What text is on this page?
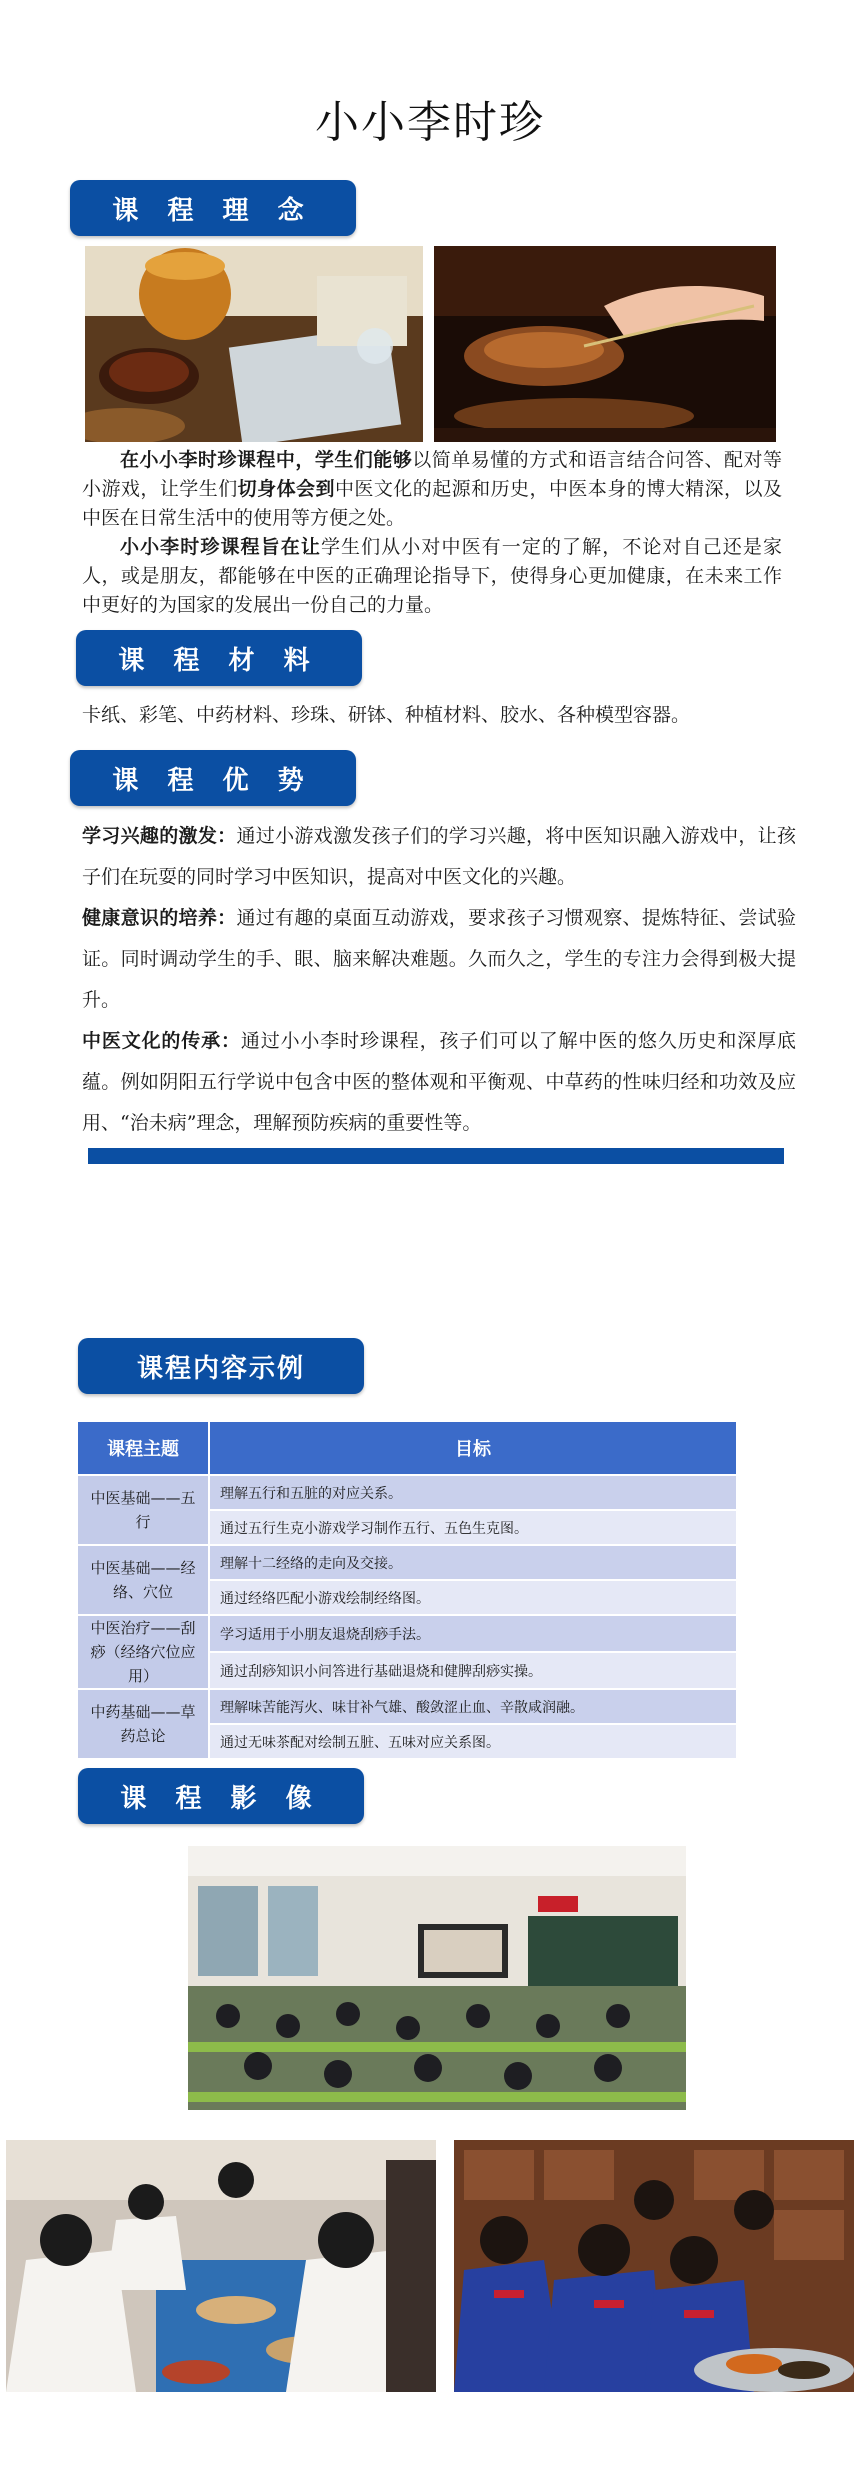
小小李时珍
课 程 理 念

在小小李时珍课程中，学生们能够以简单易懂的方式和语言结合问答、配对等小游戏，让学生们切身体会到中医文化的起源和历史，中医本身的博大精深，以及中医在日常生活中的使用等方便之处。

小小李时珍课程旨在让学生们从小对中医有一定的了解，不论对自己还是家人，或是朋友，都能够在中医的正确理论指导下，使得身心更加健康，在未来工作中更好的为国家的发展出一份自己的力量。

课 程 材 料
卡纸、彩笔、中药材料、珍珠、研钵、种植材料、胶水、各种模型容器。
课 程 优 势

学习兴趣的激发：通过小游戏激发孩子们的学习兴趣，将中医知识融入游戏中，让孩子们在玩耍的同时学习中医知识，提高对中医文化的兴趣。

健康意识的培养：通过有趣的桌面互动游戏，要求孩子习惯观察、提炼特征、尝试验证。同时调动学生的手、眼、脑来解决难题。久而久之，学生的专注力会得到极大提升。

中医文化的传承：通过小小李时珍课程，孩子们可以了解中医的悠久历史和深厚底蕴。例如阴阳五行学说中包含中医的整体观和平衡观、中草药的性味归经和功效及应用、“治未病”理念，理解预防疾病的重要性等。

课程内容示例
课程主题	目标
中医基础——五行	理解五行和五脏的对应关系。
	通过五行生克小游戏学习制作五行、五色生克图。
中医基础——经络、穴位	理解十二经络的走向及交接。
	通过经络匹配小游戏绘制经络图。
中医治疗——刮痧（经络穴位应用）	学习适用于小朋友退烧刮痧手法。
	通过刮痧知识小问答进行基础退烧和健脾刮痧实操。
中药基础——草药总论	理解味苦能泻火、味甘补气雄、酸敛涩止血、辛散咸润融。
	通过无味茶配对绘制五脏、五味对应关系图。
课 程 影 像
